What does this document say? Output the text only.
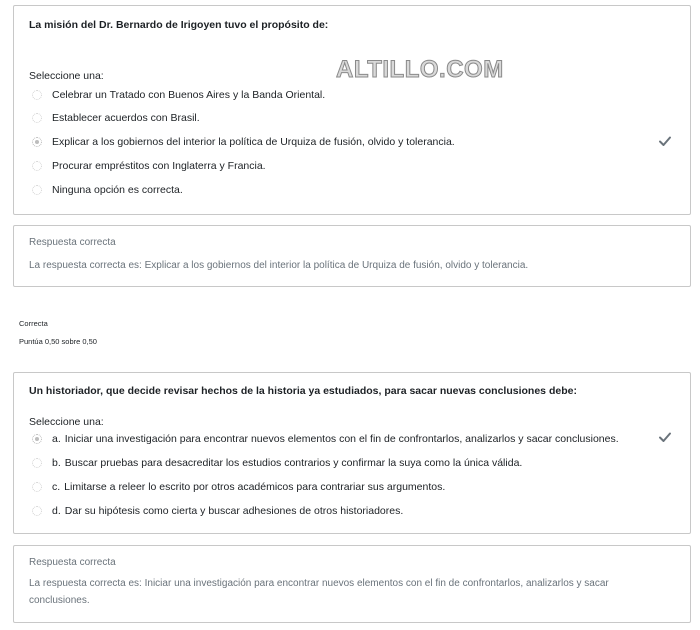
La misión del Dr. Bernardo de Irigoyen tuvo el propósito de:
ALTILLO.COM
Seleccione una:
Celebrar un Tratado con Buenos Aires y la Banda Oriental.
Establecer acuerdos con Brasil.
Explicar a los gobiernos del interior la política de Urquiza de fusión, olvido y tolerancia.
Procurar empréstitos con Inglaterra y Francia.
Ninguna opción es correcta.
Respuesta correcta
La respuesta correcta es: Explicar a los gobiernos del interior la política de Urquiza de fusión, olvido y tolerancia.
Correcta
Puntúa 0,50 sobre 0,50
Un historiador, que decide revisar hechos de la historia ya estudiados, para sacar nuevas conclusiones debe:
Seleccione una:
a. Iniciar una investigación para encontrar nuevos elementos con el fin de confrontarlos, analizarlos y sacar conclusiones.
b. Buscar pruebas para desacreditar los estudios contrarios y confirmar la suya como la única válida.
c. Limitarse a releer lo escrito por otros académicos para contrariar sus argumentos.
d. Dar su hipótesis como cierta y buscar adhesiones de otros historiadores.
Respuesta correcta
La respuesta correcta es: Iniciar una investigación para encontrar nuevos elementos con el fin de confrontarlos, analizarlos y sacar conclusiones.
